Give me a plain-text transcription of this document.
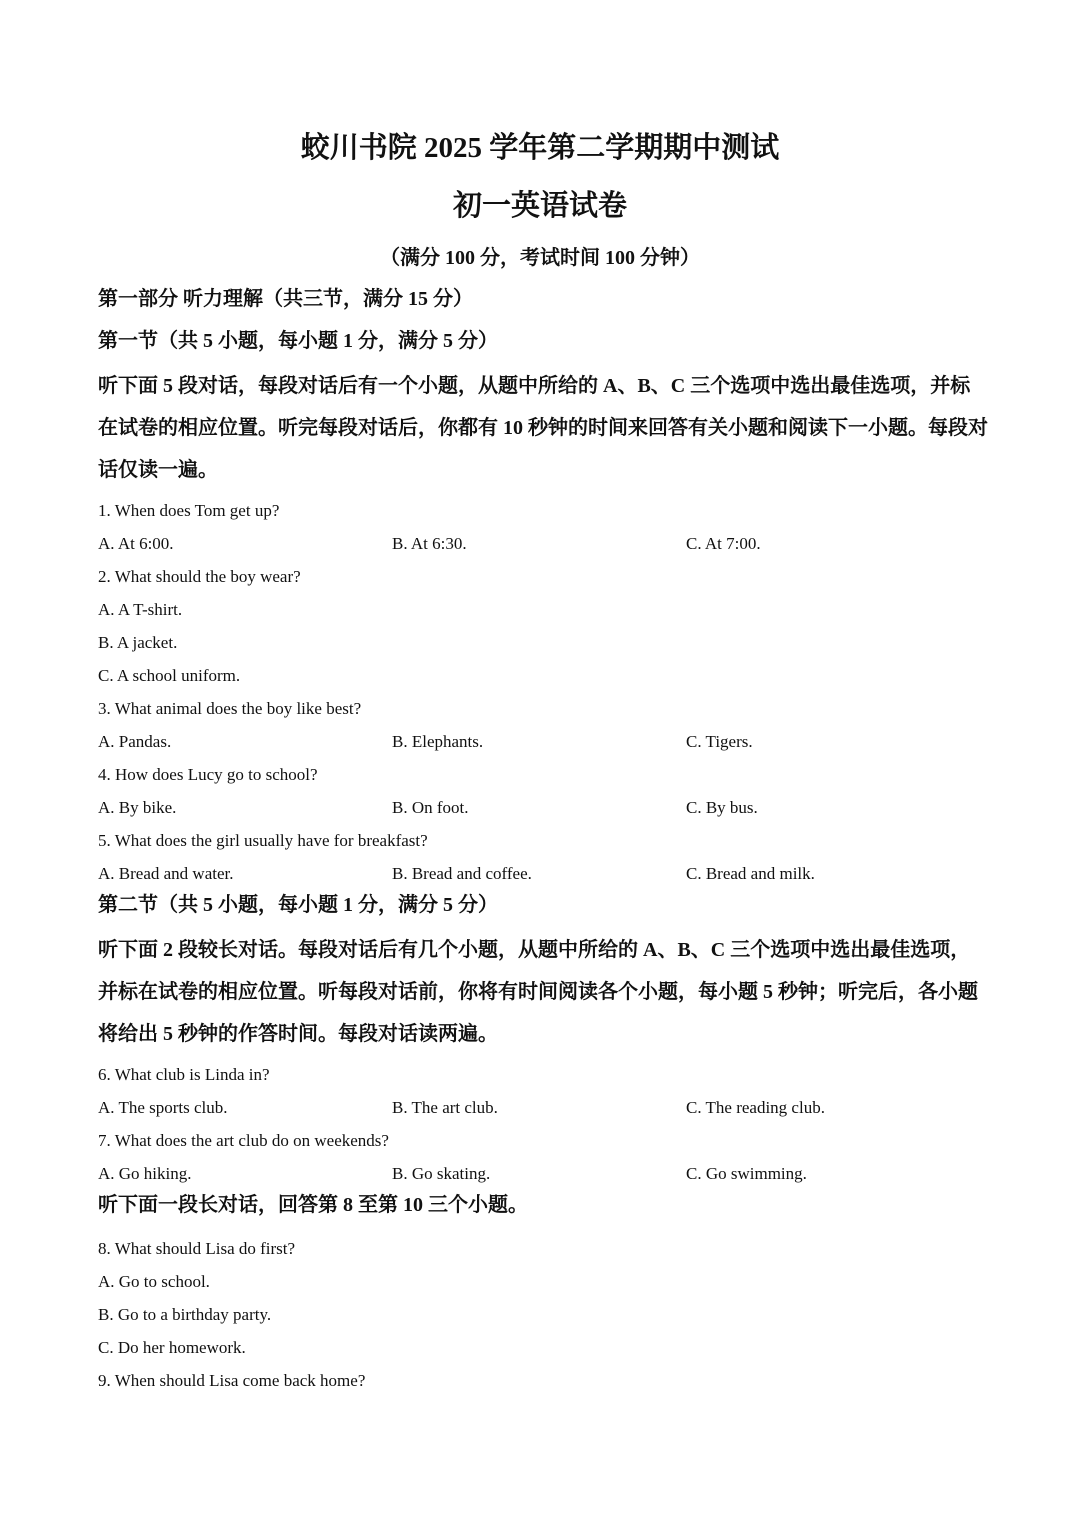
蛟川书院 2025 学年第二学期期中测试
初一英语试卷
（满分 100 分，考试时间 100 分钟）
第一部分 听力理解（共三节，满分 15 分）
第一节（共 5 小题，每小题 1 分，满分 5 分）
听下面 5 段对话，每段对话后有一个小题，从题中所给的 A、B、C 三个选项中选出最佳选项，并标在试卷的相应位置。听完每段对话后，你都有 10 秒钟的时间来回答有关小题和阅读下一小题。每段对话仅读一遍。
1. When does Tom get up?
A. At 6:00.	B. At 6:30.	C. At 7:00.
2. What should the boy wear?
A. A T-shirt.
B. A jacket.
C. A school uniform.
3. What animal does the boy like best?
A. Pandas.	B. Elephants.	C. Tigers.
4. How does Lucy go to school?
A. By bike.	B. On foot.	C. By bus.
5. What does the girl usually have for breakfast?
A. Bread and water.	B. Bread and coffee.	C. Bread and milk.
第二节（共 5 小题，每小题 1 分，满分 5 分）
听下面 2 段较长对话。每段对话后有几个小题，从题中所给的 A、B、C 三个选项中选出最佳选项，并标在试卷的相应位置。听每段对话前，你将有时间阅读各个小题，每小题 5 秒钟；听完后，各小题将给出 5 秒钟的作答时间。每段对话读两遍。
6. What club is Linda in?
A. The sports club.	B. The art club.	C. The reading club.
7. What does the art club do on weekends?
A. Go hiking.	B. Go skating.	C. Go swimming.
听下面一段长对话，回答第 8 至第 10 三个小题。
8. What should Lisa do first?
A. Go to school.
B. Go to a birthday party.
C. Do her homework.
9. When should Lisa come back home?
